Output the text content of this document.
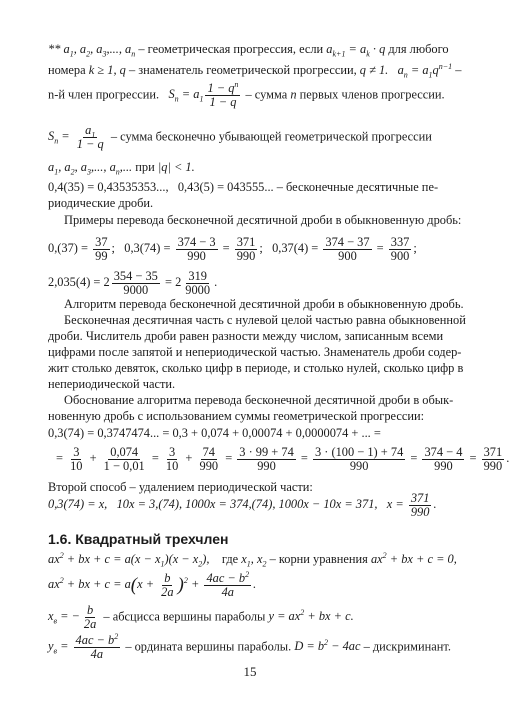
** $a_1$, $a_2$, $a_3$,..., $a_n$ – геометрическая прогрессия, если $a_{k+1} = a_k \cdot q$ для любого
номера k ≥ 1, q – знаменатель геометрической прогрессии, q ≠ 1.   $a_n = a_1q^{n-1}$ –
n-й член прогрессии.   $S_n = a_1 \frac{1 - q^n}{1 - q}$ – сумма n первых членов прогрессии.
$S_n = \frac{a_1}{1 - q}$ – сумма бесконечно убывающей геометрической прогрессии
$a_1$, $a_2$, $a_3$,..., $a_n$,... при |q| < 1.
0,4(35) = 0,43535353...,   0,43(5) = 043555... – бесконечные десятичные пе-
риодические дроби.
Примеры перевода бесконечной десятичной дроби в обыкновенную дробь:
$0,(37) = \frac{37}{99}$ ;   $0,3(74) = \frac{374 - 3}{990} = \frac{371}{990}$ ;   $0,37(4) = \frac{374 - 37}{900} = \frac{337}{900}$ ;
$2,035(4) = 2 \frac{354 - 35}{9000} = 2 \frac{319}{9000}$ .
Алгоритм перевода бесконечной десятичной дроби в обыкновенную дробь.
Бесконечная десятичная часть с нулевой целой частью равна обыкновенной
дроби. Числитель дроби равен разности между числом, записанным всеми
цифрами после запятой и непериодической частью. Знаменатель дроби содер-
жит столько девяток, сколько цифр в периоде, и столько нулей, сколько цифр в
непериодической части.
Обоснование алгоритма перевода бесконечной десятичной дроби в обык-
новенную дробь с использованием суммы геометрической прогрессии:
0,3(74) = 0,3747474... = 0,3 + 0,074 + 0,00074 + 0,0000074 + ... =
= $\frac{3}{10} + \frac{0,074}{1 - 0,01} = \frac{3}{10} + \frac{74}{990} = \frac{3 \cdot 99 + 74}{990} = \frac{3 \cdot (100 - 1) + 74}{990} = \frac{374 - 4}{990} = \frac{371}{990}$
Второй способ – удалением периодической части:
0,3(74) = x,   10x = 3,(74), 1000x = 374,(74), 1000x − 10x = 371,   $x = \frac{371}{990}$ .
1.6. Квадратный трехчлен
$ax^2$ + bx + $c = a(x - x_1)(x - x_2)$,    где $x_1$, $x_2$ – корни уравнения $ax^2$ + bx + c = 0,
$ax^2$ + bx + $c = a(x + \frac{b}{2a} )^2 + \frac{4ac - b^2}{4a}$ .
$x_в$ = − $\frac{b}{2a}$ – абсцисса вершины параболы $y = ax^2$ + bx + c.
$y_в = \frac{4ac - b^2}{4a}$ – ордината вершины параболы. $D = b^2 - 4ac$ – дискриминант.
15
